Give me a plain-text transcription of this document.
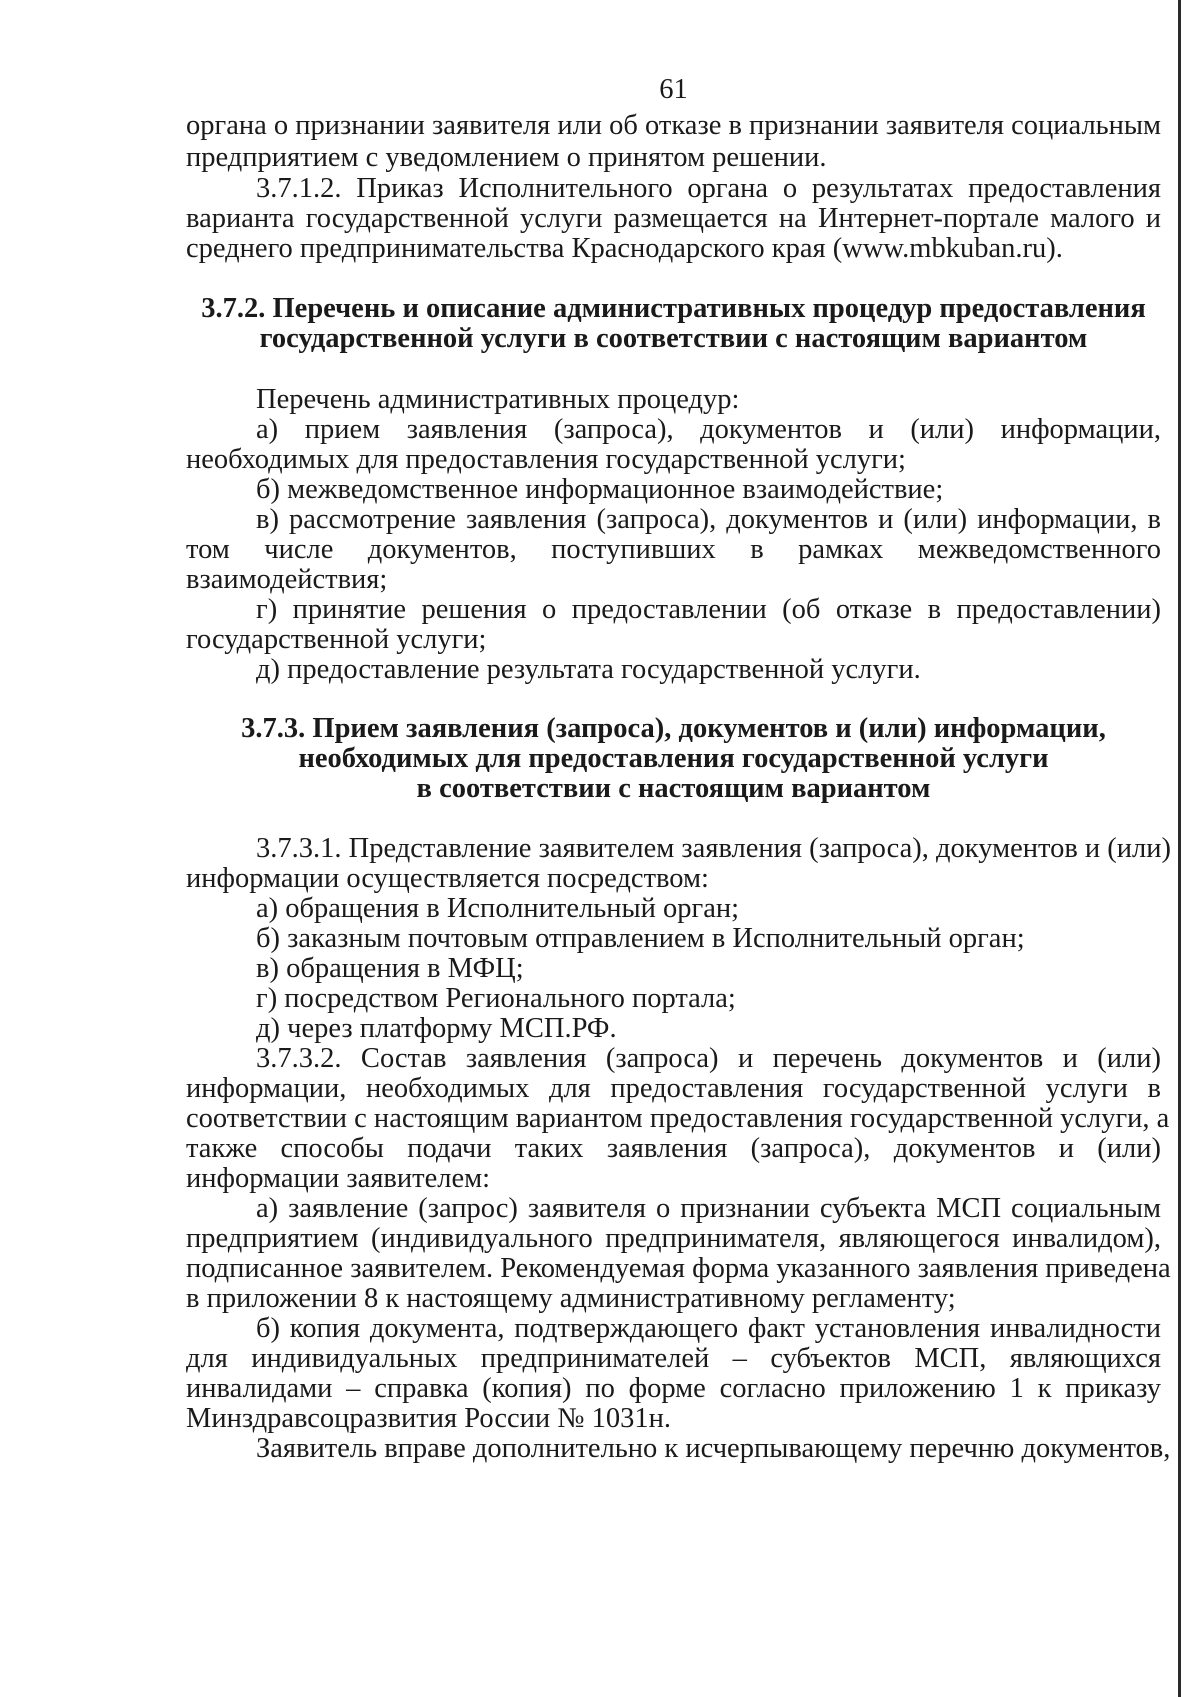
61
органа о признании заявителя или об отказе в признании заявителя социальным
предприятием с уведомлением о принятом решении.
3.7.1.2. Приказ Исполнительного органа о результатах предоставления
варианта государственной услуги размещается на Интернет-портале малого и
среднего предпринимательства Краснодарского края (www.mbkuban.ru).
3.7.2. Перечень и описание административных процедур предоставления
государственной услуги в соответствии с настоящим вариантом
Перечень административных процедур:
а) прием заявления (запроса), документов и (или) информации,
необходимых для предоставления государственной услуги;
б) межведомственное информационное взаимодействие;
в) рассмотрение заявления (запроса), документов и (или) информации, в
том числе документов, поступивших в рамках межведомственного
взаимодействия;
г) принятие решения о предоставлении (об отказе в предоставлении)
государственной услуги;
д) предоставление результата государственной услуги.
3.7.3. Прием заявления (запроса), документов и (или) информации,
необходимых для предоставления государственной услуги
в соответствии с настоящим вариантом
3.7.3.1. Представление заявителем заявления (запроса), документов и (или)
информации осуществляется посредством:
а) обращения в Исполнительный орган;
б) заказным почтовым отправлением в Исполнительный орган;
в) обращения в МФЦ;
г) посредством Регионального портала;
д) через платформу МСП.РФ.
3.7.3.2. Состав заявления (запроса) и перечень документов и (или)
информации, необходимых для предоставления государственной услуги в
соответствии с настоящим вариантом предоставления государственной услуги, а
также способы подачи таких заявления (запроса), документов и (или)
информации заявителем:
а) заявление (запрос) заявителя о признании субъекта МСП социальным
предприятием (индивидуального предпринимателя, являющегося инвалидом),
подписанное заявителем. Рекомендуемая форма указанного заявления приведена
в приложении 8 к настоящему административному регламенту;
б) копия документа, подтверждающего факт установления инвалидности
для индивидуальных предпринимателей – субъектов МСП, являющихся
инвалидами – справка (копия) по форме согласно приложению 1 к приказу
Минздравсоцразвития России № 1031н.
Заявитель вправе дополнительно к исчерпывающему перечню документов,
